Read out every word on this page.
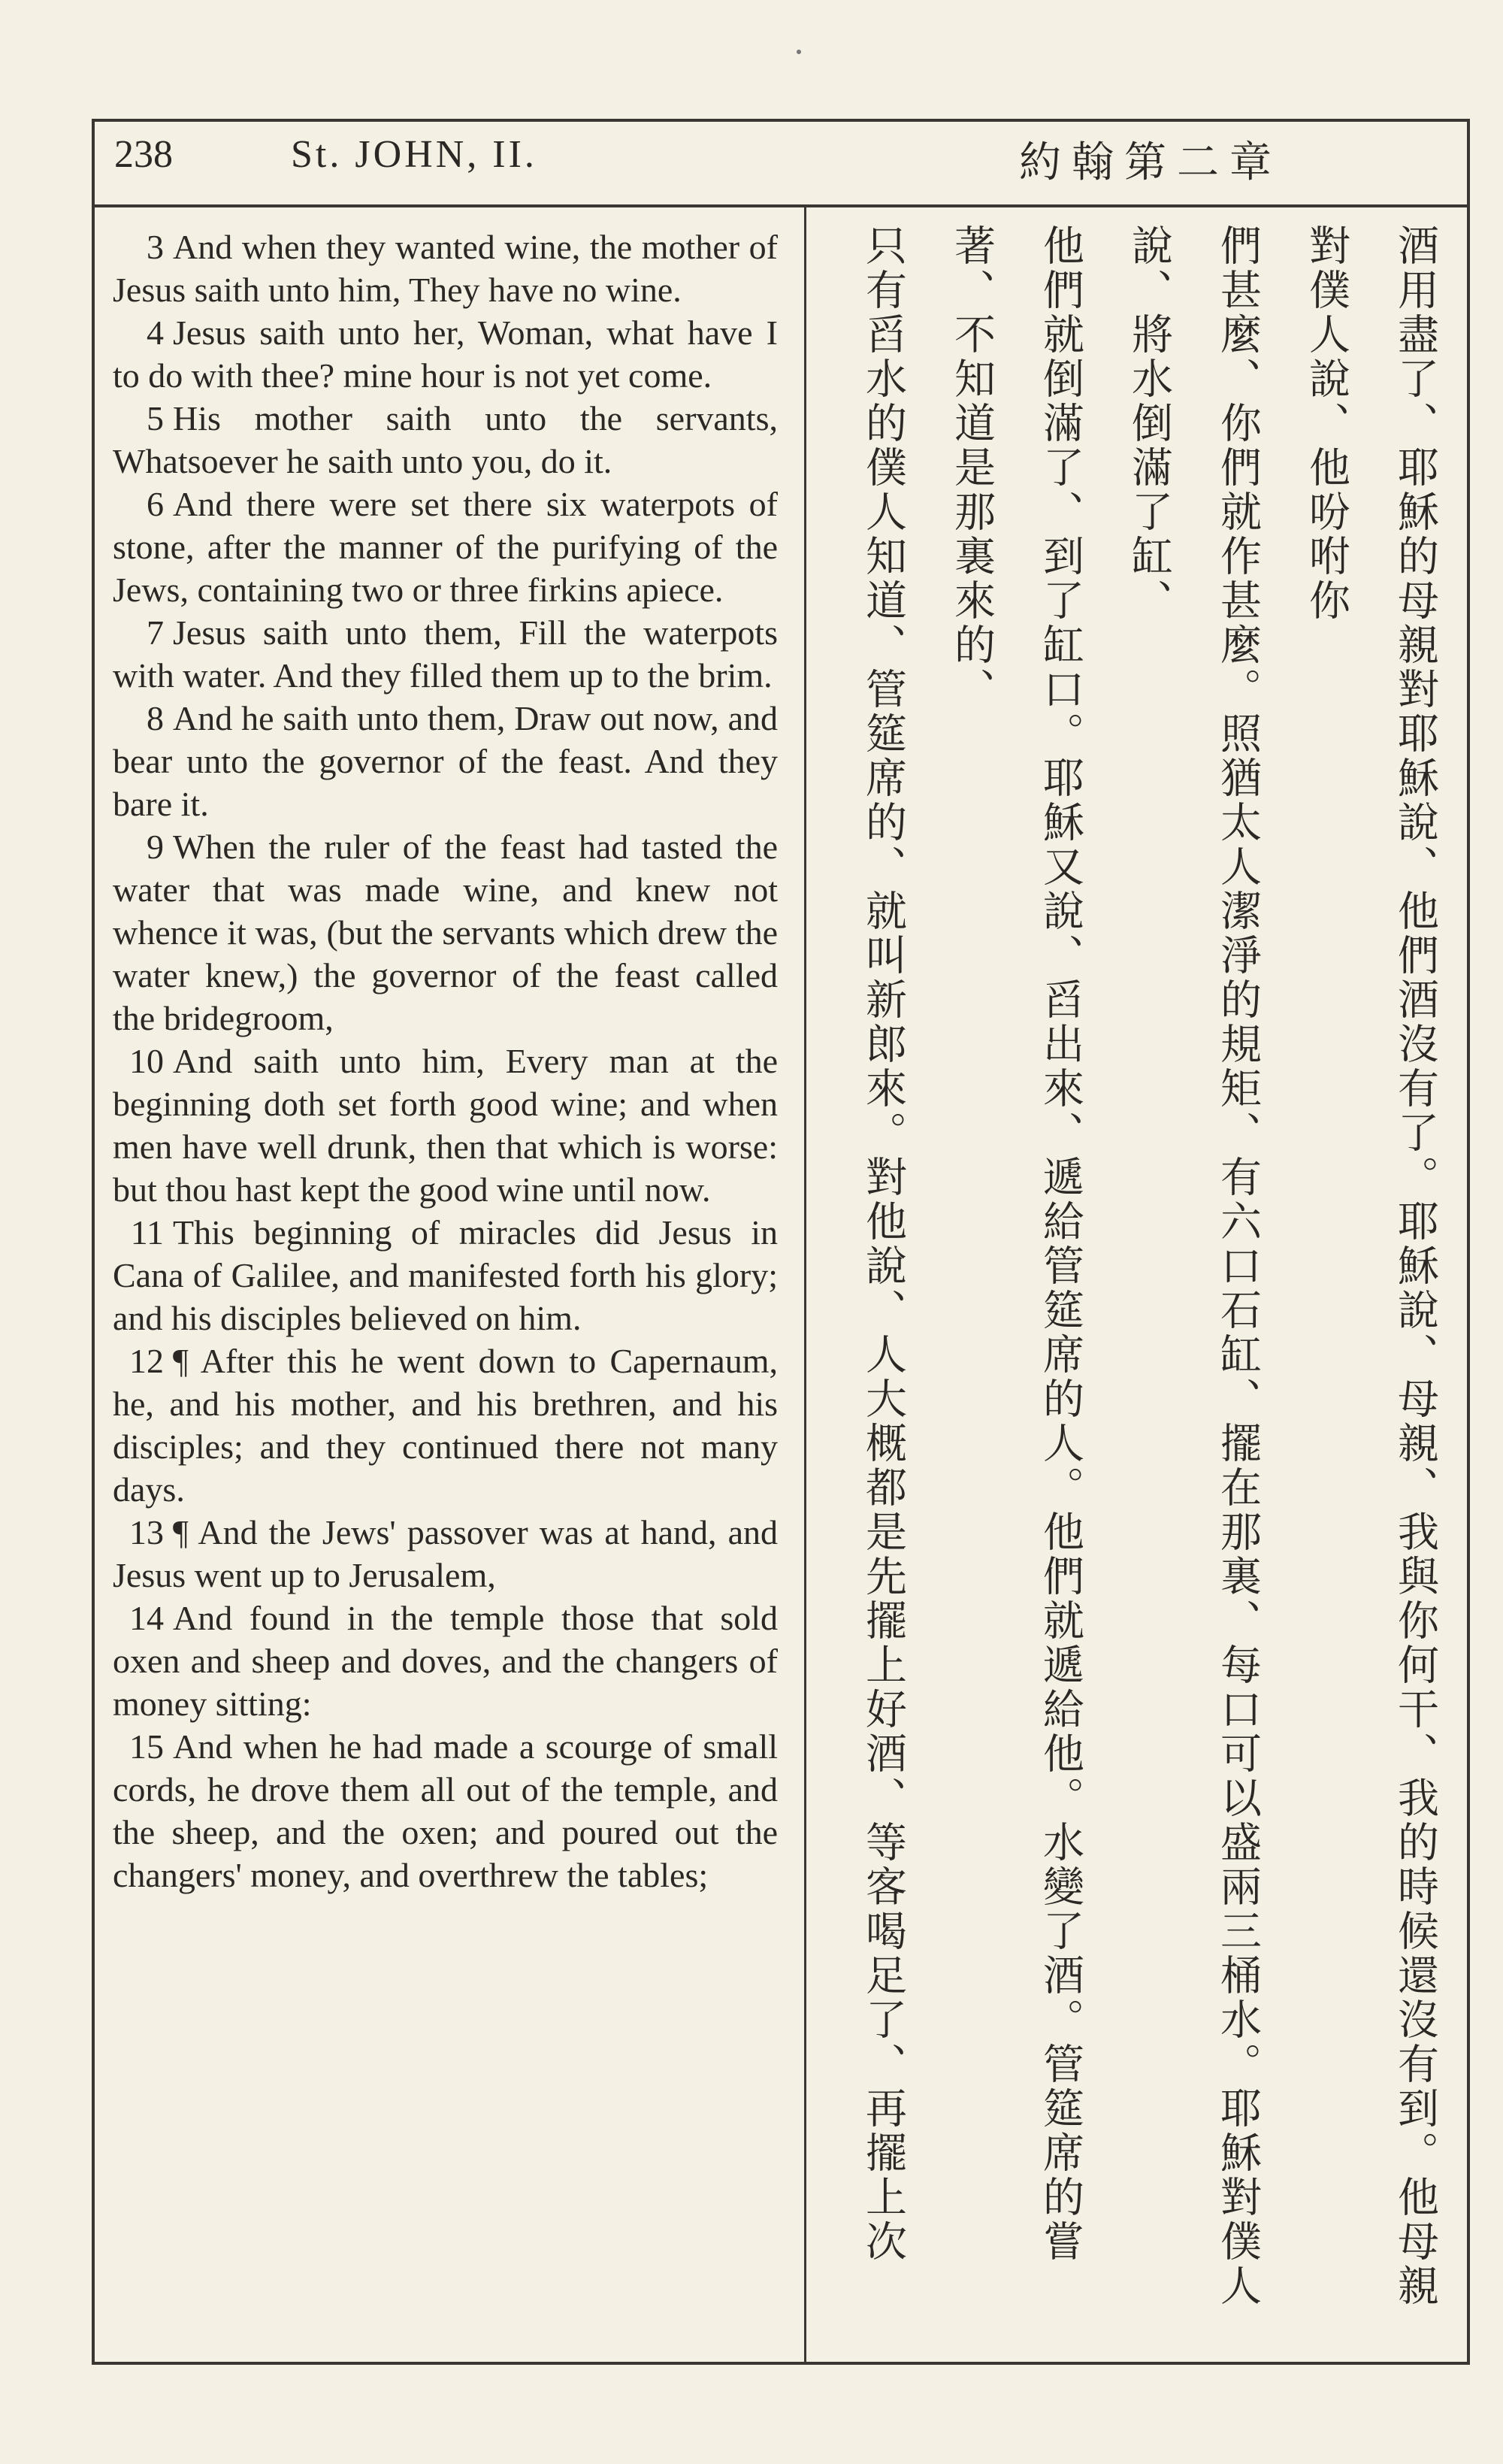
238	St. JOHN, II.	約翰第二章

3 And when they wanted wine, the mother of Jesus saith unto him, They have no wine.

4 Jesus saith unto her, Woman, what have I to do with thee? mine hour is not yet come.

5 His mother saith unto the servants, Whatsoever he saith unto you, do it.

6 And there were set there six waterpots of stone, after the manner of the purifying of the Jews, containing two or three firkins apiece.

7 Jesus saith unto them, Fill the waterpots with water. And they filled them up to the brim.

8 And he saith unto them, Draw out now, and bear unto the governor of the feast. And they bare it.

9 When the ruler of the feast had tasted the water that was made wine, and knew not whence it was, (but the servants which drew the water knew,) the governor of the feast called the bridegroom,

10 And saith unto him, Every man at the beginning doth set forth good wine; and when men have well drunk, then that which is worse: but thou hast kept the good wine until now.

11 This beginning of miracles did Jesus in Cana of Galilee, and manifested forth his glory; and his disciples believed on him.

12 ¶ After this he went down to Capernaum, he, and his mother, and his brethren, and his disciples; and they continued there not many days.

13 ¶ And the Jews' passover was at hand, and Jesus went up to Jerusalem,

14 And found in the temple those that sold oxen and sheep and doves, and the changers of money sitting:

15 And when he had made a scourge of small cords, he drove them all out of the temple, and the sheep, and the oxen; and poured out the changers' money, and overthrew the tables;	酒用盡了、耶穌的母親對耶穌說、他們酒沒有了。耶穌說、母親、我與你何干、我的時候還沒有到。他母親對僕人說、他吩咐你
們甚麼、你們就作甚麼。照猶太人潔淨的規矩、有六口石缸、擺在那裏、每口可以盛兩三桶水。耶穌對僕人說、將水倒滿了缸、
他們就倒滿了、到了缸口。耶穌又說、舀出來、遞給管筵席的人。他們就遞給他。水變了酒。管筵席的嘗著、不知道是那裏來的、
只有舀水的僕人知道、管筵席的、就叫新郎來。對他說、人大概都是先擺上好酒、等客喝足了、再擺上次
